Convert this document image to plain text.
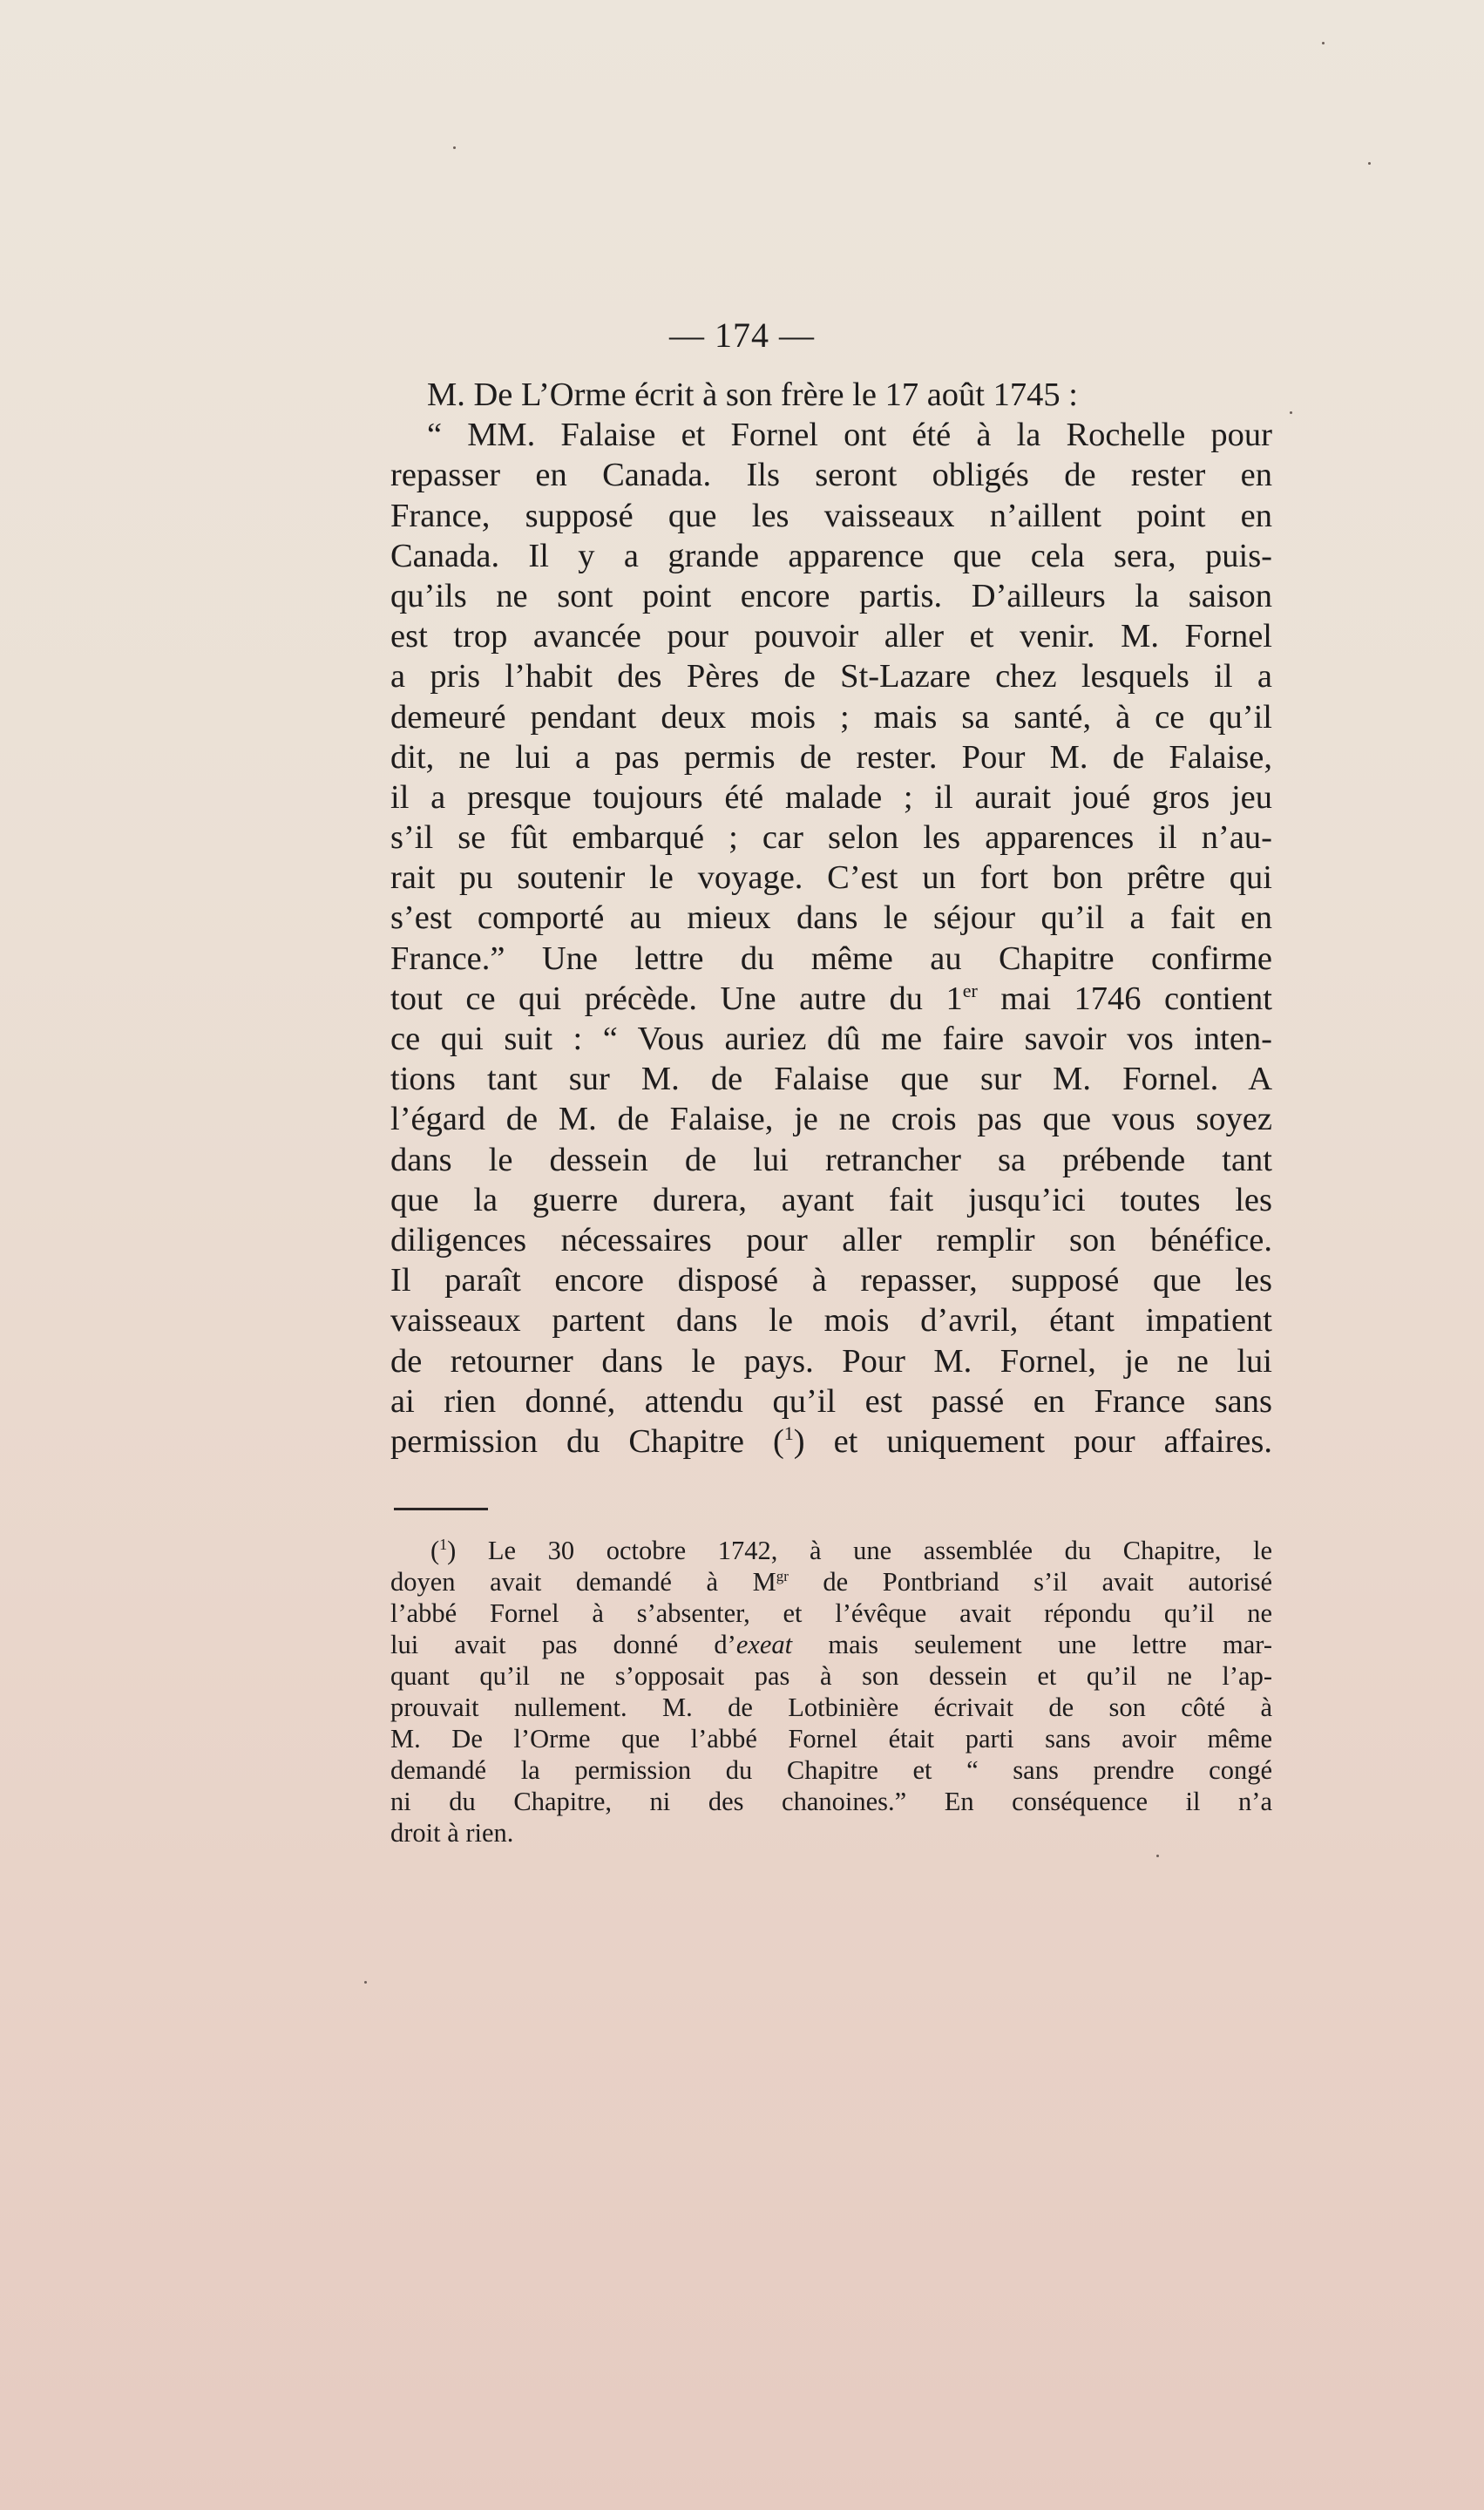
— 174 —
M. De L’Orme écrit à son frère le 17 août 1745 :
“ MM. Falaise et Fornel ont été à la Rochelle pour
repasser en Canada. Ils seront obligés de rester en
France, supposé que les vaisseaux n’aillent point en
Canada. Il y a grande apparence que cela sera, puis-
qu’ils ne sont point encore partis. D’ailleurs la saison
est trop avancée pour pouvoir aller et venir. M. Fornel
a pris l’habit des Pères de St-Lazare chez lesquels il a
demeuré pendant deux mois ; mais sa santé, à ce qu’il
dit, ne lui a pas permis de rester. Pour M. de Falaise,
il a presque toujours été malade ; il aurait joué gros jeu
s’il se fût embarqué ; car selon les apparences il n’au-
rait pu soutenir le voyage. C’est un fort bon prêtre qui
s’est comporté au mieux dans le séjour qu’il a fait en
France.” Une lettre du même au Chapitre confirme
tout ce qui précède. Une autre du 1er mai 1746 contient
ce qui suit : “ Vous auriez dû me faire savoir vos inten-
tions tant sur M. de Falaise que sur M. Fornel. A
l’égard de M. de Falaise, je ne crois pas que vous soyez
dans le dessein de lui retrancher sa prébende tant
que la guerre durera, ayant fait jusqu’ici toutes les
diligences nécessaires pour aller remplir son bénéfice.
Il paraît encore disposé à repasser, supposé que les
vaisseaux partent dans le mois d’avril, étant impatient
de retourner dans le pays. Pour M. Fornel, je ne lui
ai rien donné, attendu qu’il est passé en France sans
permission du Chapitre ($^1$) et uniquement pour affaires.
($^1$) Le 30 octobre 1742, à une assemblée du Chapitre, le
doyen avait demandé à $M^{gr}$ de Pontbriand s’il avait autorisé
l’abbé Fornel à s’absenter, et l’évêque avait répondu qu’il ne
lui avait pas donné d’exeat mais seulement une lettre mar-
quant qu’il ne s’opposait pas à son dessein et qu’il ne l’ap-
prouvait nullement. M. de Lotbinière écrivait de son côté à
M. De l’Orme que l’abbé Fornel était parti sans avoir même
demandé la permission du Chapitre et “ sans prendre congé
ni du Chapitre, ni des chanoines.” En conséquence il n’a
droit à rien.
